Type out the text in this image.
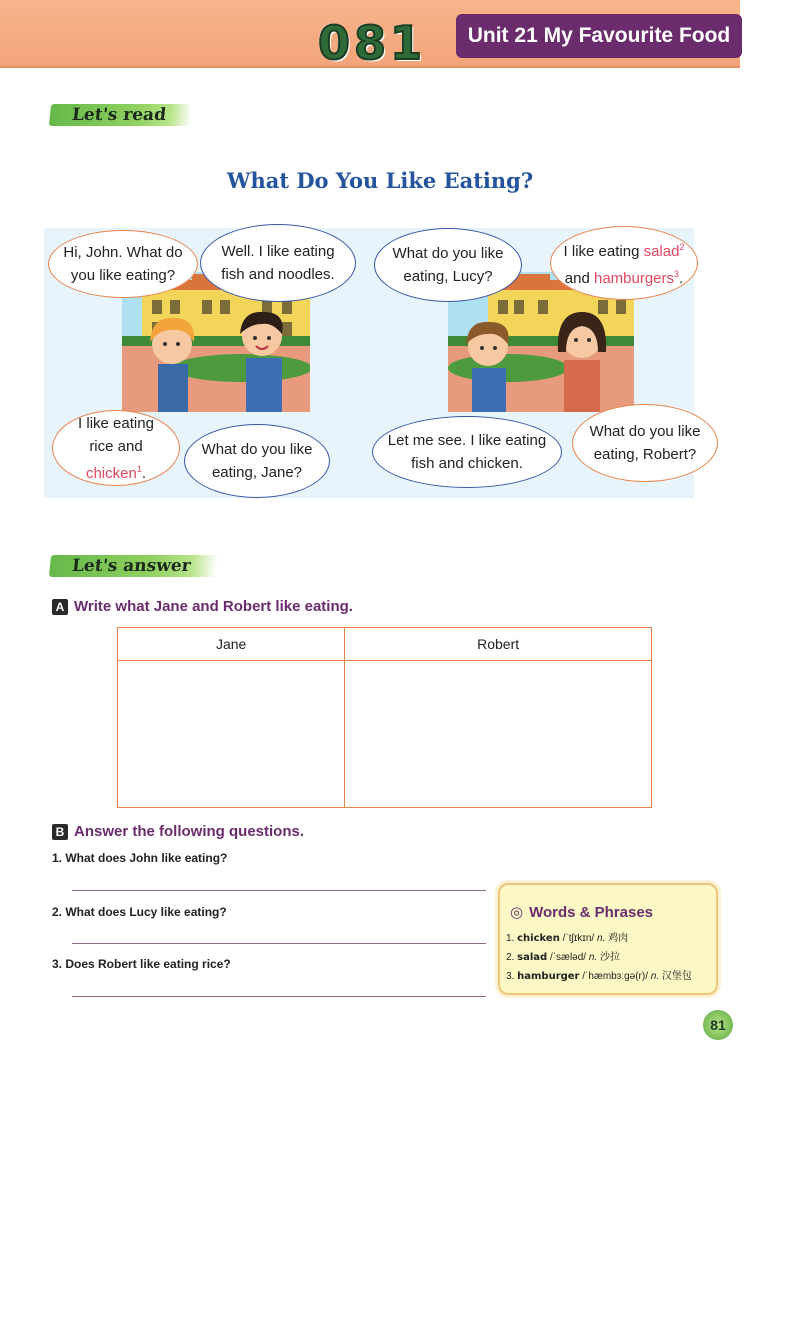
081	Unit 21 My Favourite Food
Let's read
What Do You Like Eating?
Hi, John. What do you like eating?
Well. I like eating fish and noodles.
I like eating rice and chicken$^1$.
What do you like eating, Jane?
What do you like eating, Lucy?
I like eating salad$^2$ and hamburgers$^3$.
Let me see. I like eating fish and chicken.
What do you like eating, Robert?
Let's answer
A Write what Jane and Robert like eating.
Jane	Robert

B Answer the following questions.
1. What does John like eating?
2. What does Lucy like eating?
3. Does Robert like eating rice?
◎ Words & Phrases
1. chicken /ˈtʃɪkɪn/ n. 鸡肉
2. salad /ˈsæləd/ n. 沙拉
3. hamburger /ˈhæmbɜːɡə(r)/ n. 汉堡包
81
